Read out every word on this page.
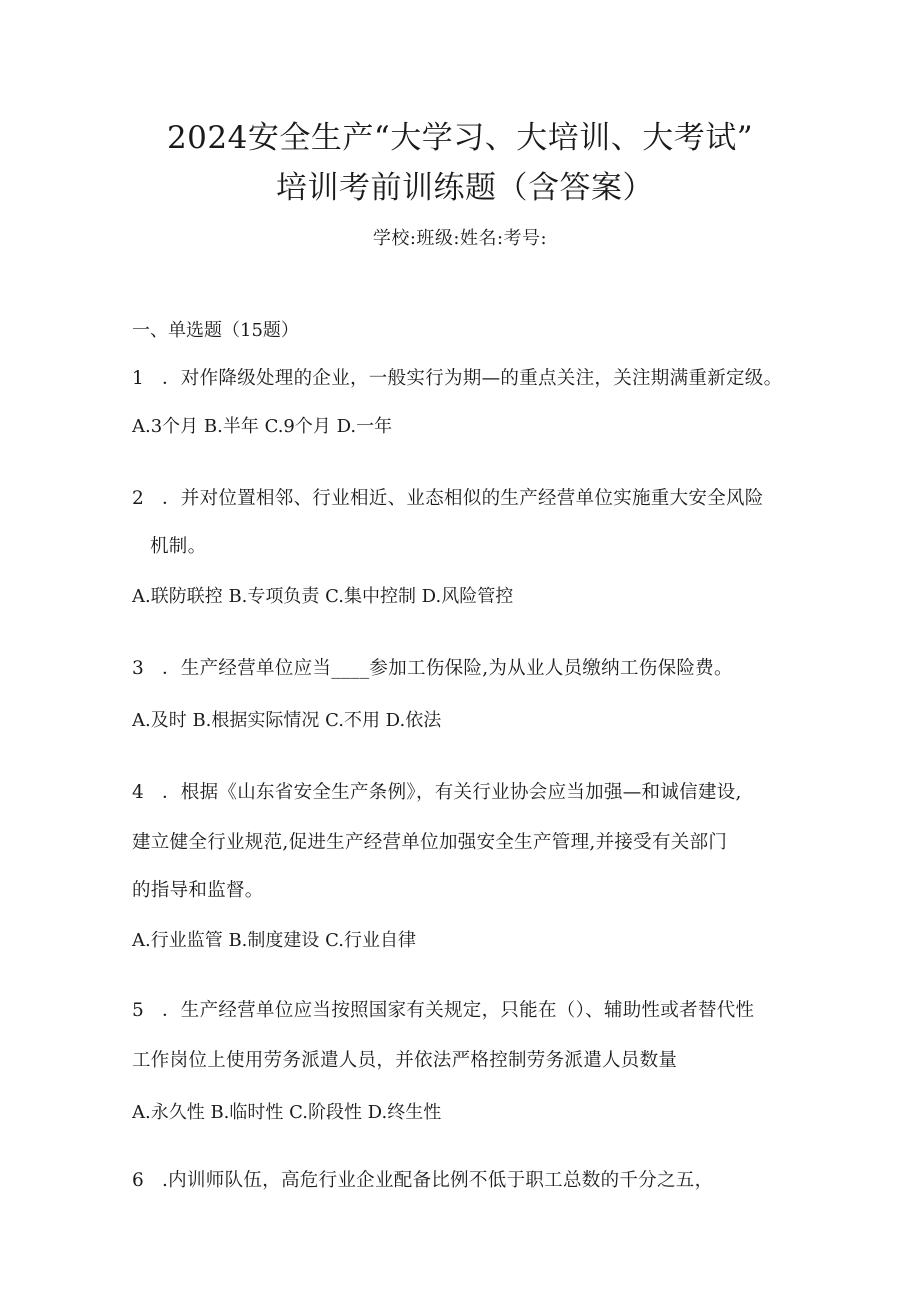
2024安全生产“大学习、大培训、大考试”
培训考前训练题（含答案）
学校:班级:姓名:考号:
一、单选题（15题）
1 ．对作降级处理的企业，一般实行为期—的重点关注，关注期满重新定级。
A.3个月 B.半年 C.9个月 D.一年
2 ．并对位置相邻、行业相近、业态相似的生产经营单位实施重大安全风险
机制。
A.联防联控 B.专项负责 C.集中控制 D.风险管控
3 ．生产经营单位应当____参加工伤保险,为从业人员缴纳工伤保险费。
A.及时 B.根据实际情况 C.不用 D.依法
4 ．根据《山东省安全生产条例》，有关行业协会应当加强—和诚信建设,
建立健全行业规范,促进生产经营单位加强安全生产管理,并接受有关部门
的指导和监督。
A.行业监管 B.制度建设 C.行业自律
5 ．生产经营单位应当按照国家有关规定，只能在（）、辅助性或者替代性
工作岗位上使用劳务派遣人员，并依法严格控制劳务派遣人员数量
A.永久性 B.临时性 C.阶段性 D.终生性
6 .内训师队伍，高危行业企业配备比例不低于职工总数的千分之五，
